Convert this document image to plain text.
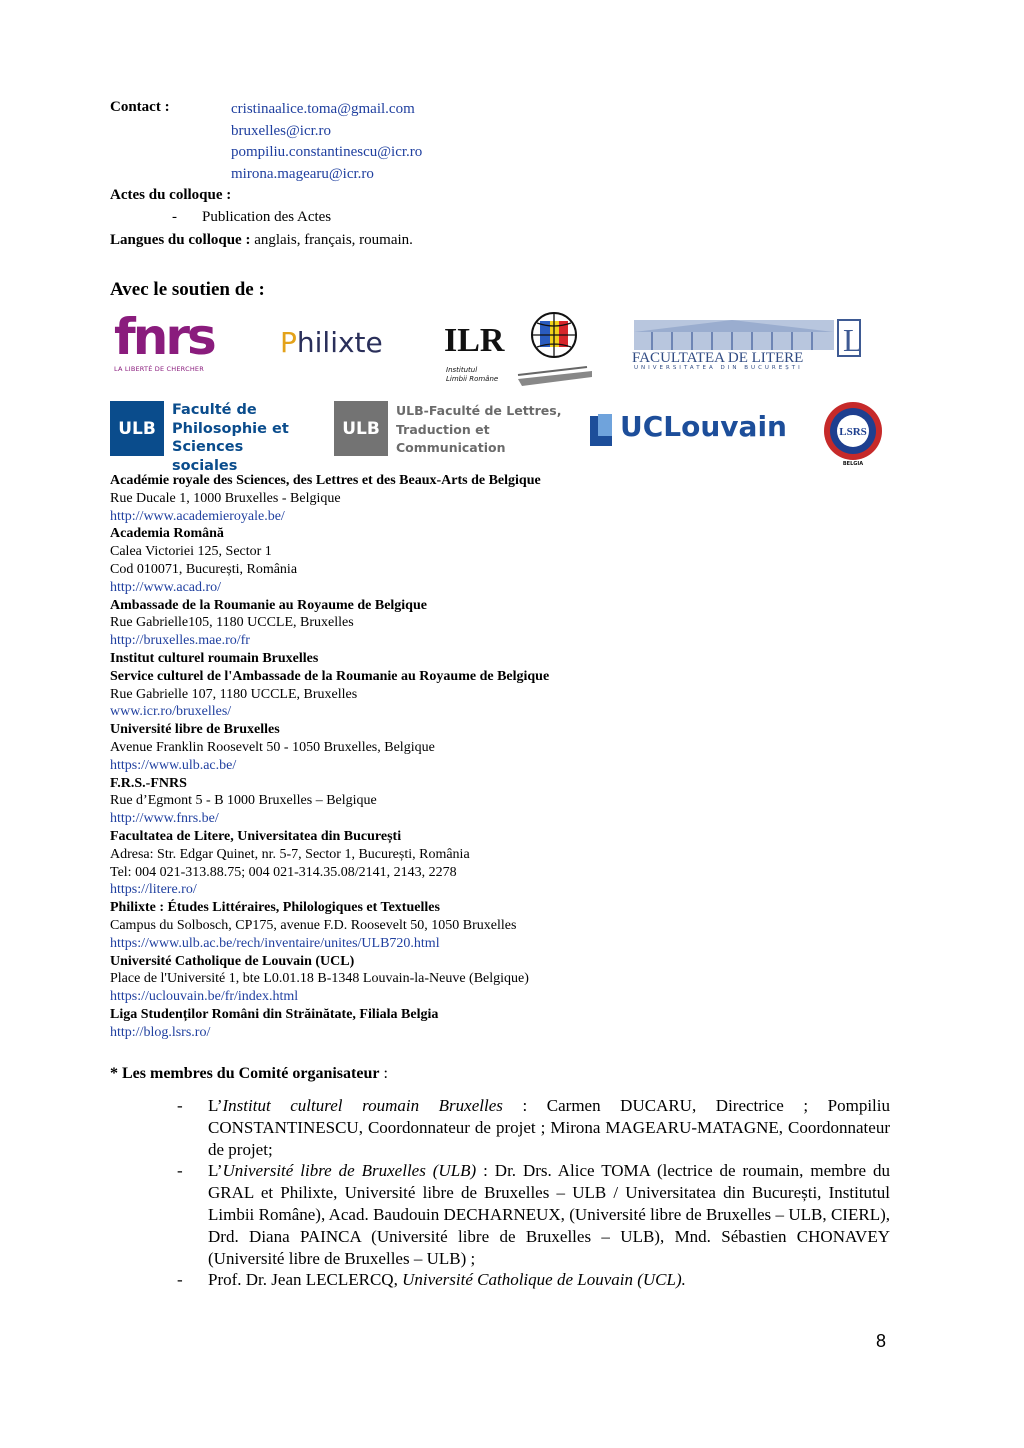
Contact :	cristinaalice.toma@gmail.com
bruxelles@icr.ro
pompiliu.constantinescu@icr.ro
mirona.magearu@icr.ro
Actes du colloque :
- Publication des Actes
Langues du colloque : anglais, français, roumain.
Avec le soutien de :
fnrs
LA LIBERTÉ DE CHERCHER
Philixte ILR
Institutul
Limbii Române
L
FACULTATEA DE LITERE
UNIVERSITATEA DIN BUCUREȘTI
ULB
Faculté de
Philosophie et
Sciences sociales
ULB
ULB-Faculté de Lettres,
Traduction et
Communication
UCLouvain	LSRS
BELGIA
Académie royale des Sciences, des Lettres et des Beaux-Arts de Belgique
Rue Ducale 1, 1000 Bruxelles - Belgique
http://www.academieroyale.be/
Academia Română
Calea Victoriei 125, Sector 1
Cod 010071, București, România
http://www.acad.ro/
Ambassade de la Roumanie au Royaume de Belgique
Rue Gabrielle105, 1180 UCCLE, Bruxelles
http://bruxelles.mae.ro/fr
Institut culturel roumain Bruxelles
Service culturel de l'Ambassade de la Roumanie au Royaume de Belgique
Rue Gabrielle 107, 1180 UCCLE, Bruxelles
www.icr.ro/bruxelles/
Université libre de Bruxelles
Avenue Franklin Roosevelt 50 - 1050 Bruxelles, Belgique
https://www.ulb.ac.be/
F.R.S.-FNRS
Rue d’Egmont 5 - B 1000 Bruxelles – Belgique
http://www.fnrs.be/
Facultatea de Litere, Universitatea din București
Adresa: Str. Edgar Quinet, nr. 5-7, Sector 1, București, România
Tel: 004 021-313.88.75; 004 021-314.35.08/2141, 2143, 2278
https://litere.ro/
Philixte : Études Littéraires, Philologiques et Textuelles
Campus du Solbosch, CP175, avenue F.D. Roosevelt 50, 1050 Bruxelles
https://www.ulb.ac.be/rech/inventaire/unites/ULB720.html
Université Catholique de Louvain (UCL)
Place de l'Université 1, bte L0.01.18 B-1348 Louvain-la-Neuve (Belgique)
https://uclouvain.be/fr/index.html
Liga Studenților Români din Străinătate, Filiala Belgia
http://blog.lsrs.ro/
* Les membres du Comité organisateur :
- L’Institut culturel roumain Bruxelles : Carmen DUCARU, Directrice ; Pompiliu CONSTANTINESCU, Coordonnateur de projet ; Mirona MAGEARU-MATAGNE, Coordonnateur de projet;
- L’Université libre de Bruxelles (ULB) : Dr. Drs. Alice TOMA (lectrice de roumain, membre du GRAL et Philixte, Université libre de Bruxelles – ULB / Universitatea din București, Institutul Limbii Române), Acad. Baudouin DECHARNEUX, (Université libre de Bruxelles – ULB, CIERL), Drd. Diana PAINCA (Université libre de Bruxelles – ULB), Mnd. Sébastien CHONAVEY (Université libre de Bruxelles – ULB) ;
- Prof. Dr. Jean LECLERCQ, Université Catholique de Louvain (UCL).
8
